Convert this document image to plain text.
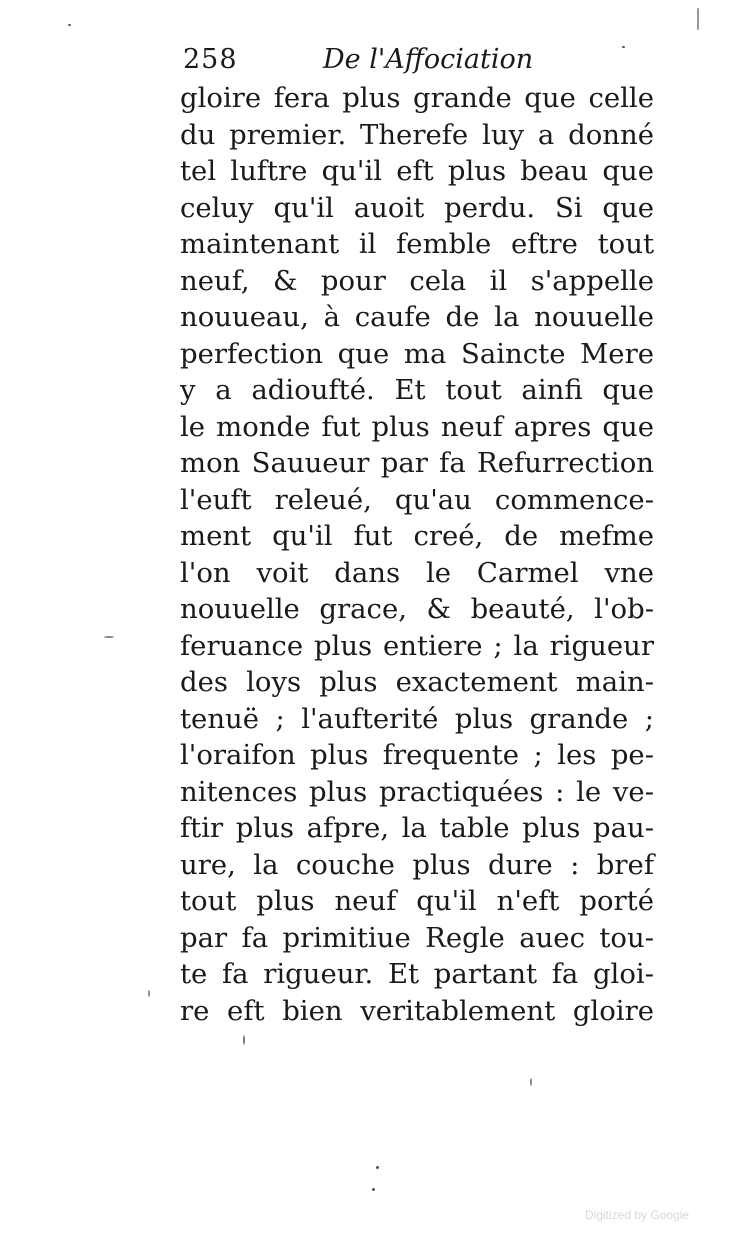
258	De l'Affociation
gloire fera plus grande que celle
du premier. Therefe luy a donné
tel luftre qu'il eft plus beau que
celuy qu'il auoit perdu. Si que
maintenant il femble eftre tout
neuf, & pour cela il s'appelle
nouueau, à caufe de la nouuelle
perfection que ma Saincte Mere
y a adioufté. Et tout ainfi que
le monde fut plus neuf apres que
mon Sauueur par fa Refurrection
l'euft releué, qu'au commence-
ment qu'il fut creé, de mefme
l'on voit dans le Carmel vne
nouuelle grace, & beauté, l'ob-
feruance plus entiere ; la rigueur
des loys plus exactement main-
tenuë ; l'aufterité plus grande ;
l'oraifon plus frequente ; les pe-
nitences plus practiquées : le ve-
ftir plus afpre, la table plus pau-
ure, la couche plus dure : bref
tout plus neuf qu'il n'eft porté
par fa primitiue Regle auec tou-
te fa rigueur. Et partant fa gloi-
re eft bien veritablement gloire
Digitized by Google
